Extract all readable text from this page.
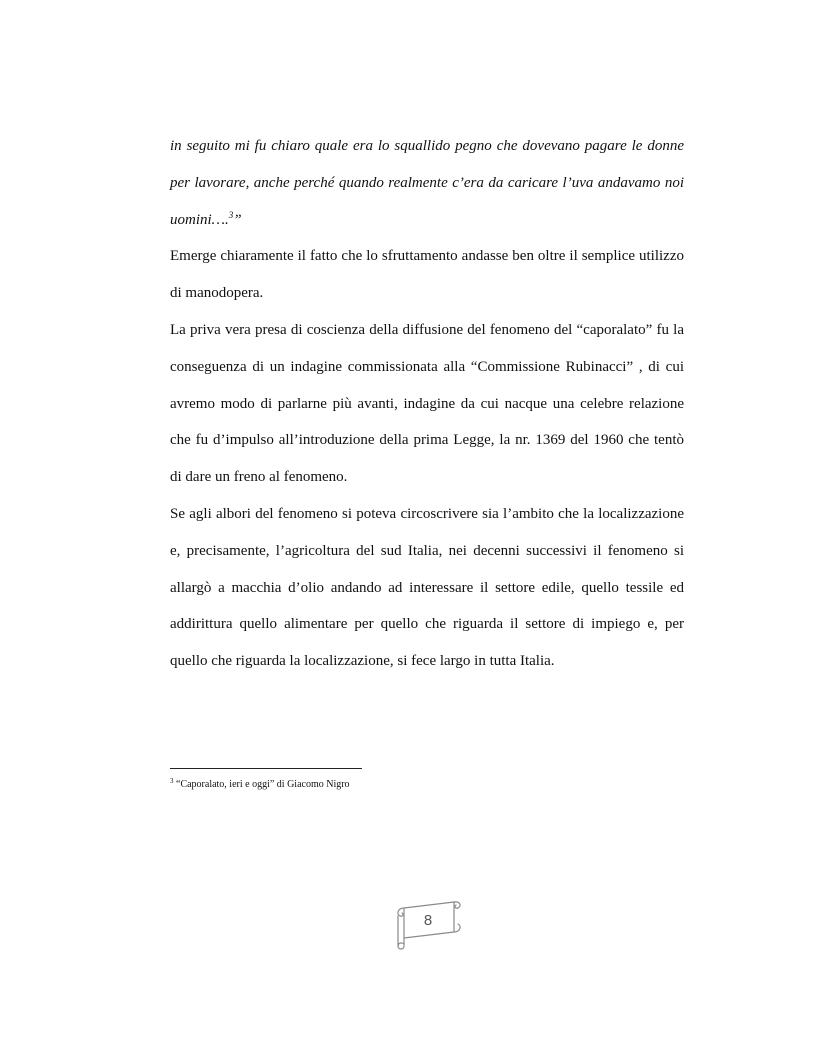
in seguito mi fu chiaro quale era lo squallido pegno che dovevano pagare le donne per lavorare, anche perché quando realmente c’era da caricare l’uva andavamo noi uomini….$^3$”

Emerge chiaramente il fatto che lo sfruttamento andasse ben oltre il semplice utilizzo di manodopera.

La priva vera presa di coscienza della diffusione del fenomeno del “caporalato” fu la conseguenza di un indagine commissionata alla “Commissione Rubinacci” , di cui avremo modo di parlarne più avanti, indagine da cui nacque una celebre relazione che fu d’impulso all’introduzione della prima Legge, la nr. 1369 del 1960 che tentò di dare un freno al fenomeno.

Se agli albori del fenomeno si poteva circoscrivere sia l’ambito che la localizzazione e, precisamente, l’agricoltura del sud Italia, nei decenni successivi il fenomeno si allargò a macchia d’olio andando ad interessare il settore edile, quello tessile ed addirittura quello alimentare per quello che riguarda il settore di impiego e, per quello che riguarda la localizzazione, si fece largo in tutta Italia.

$^3$ “Caporalato, ieri e oggi” di Giacomo Nigro
8
